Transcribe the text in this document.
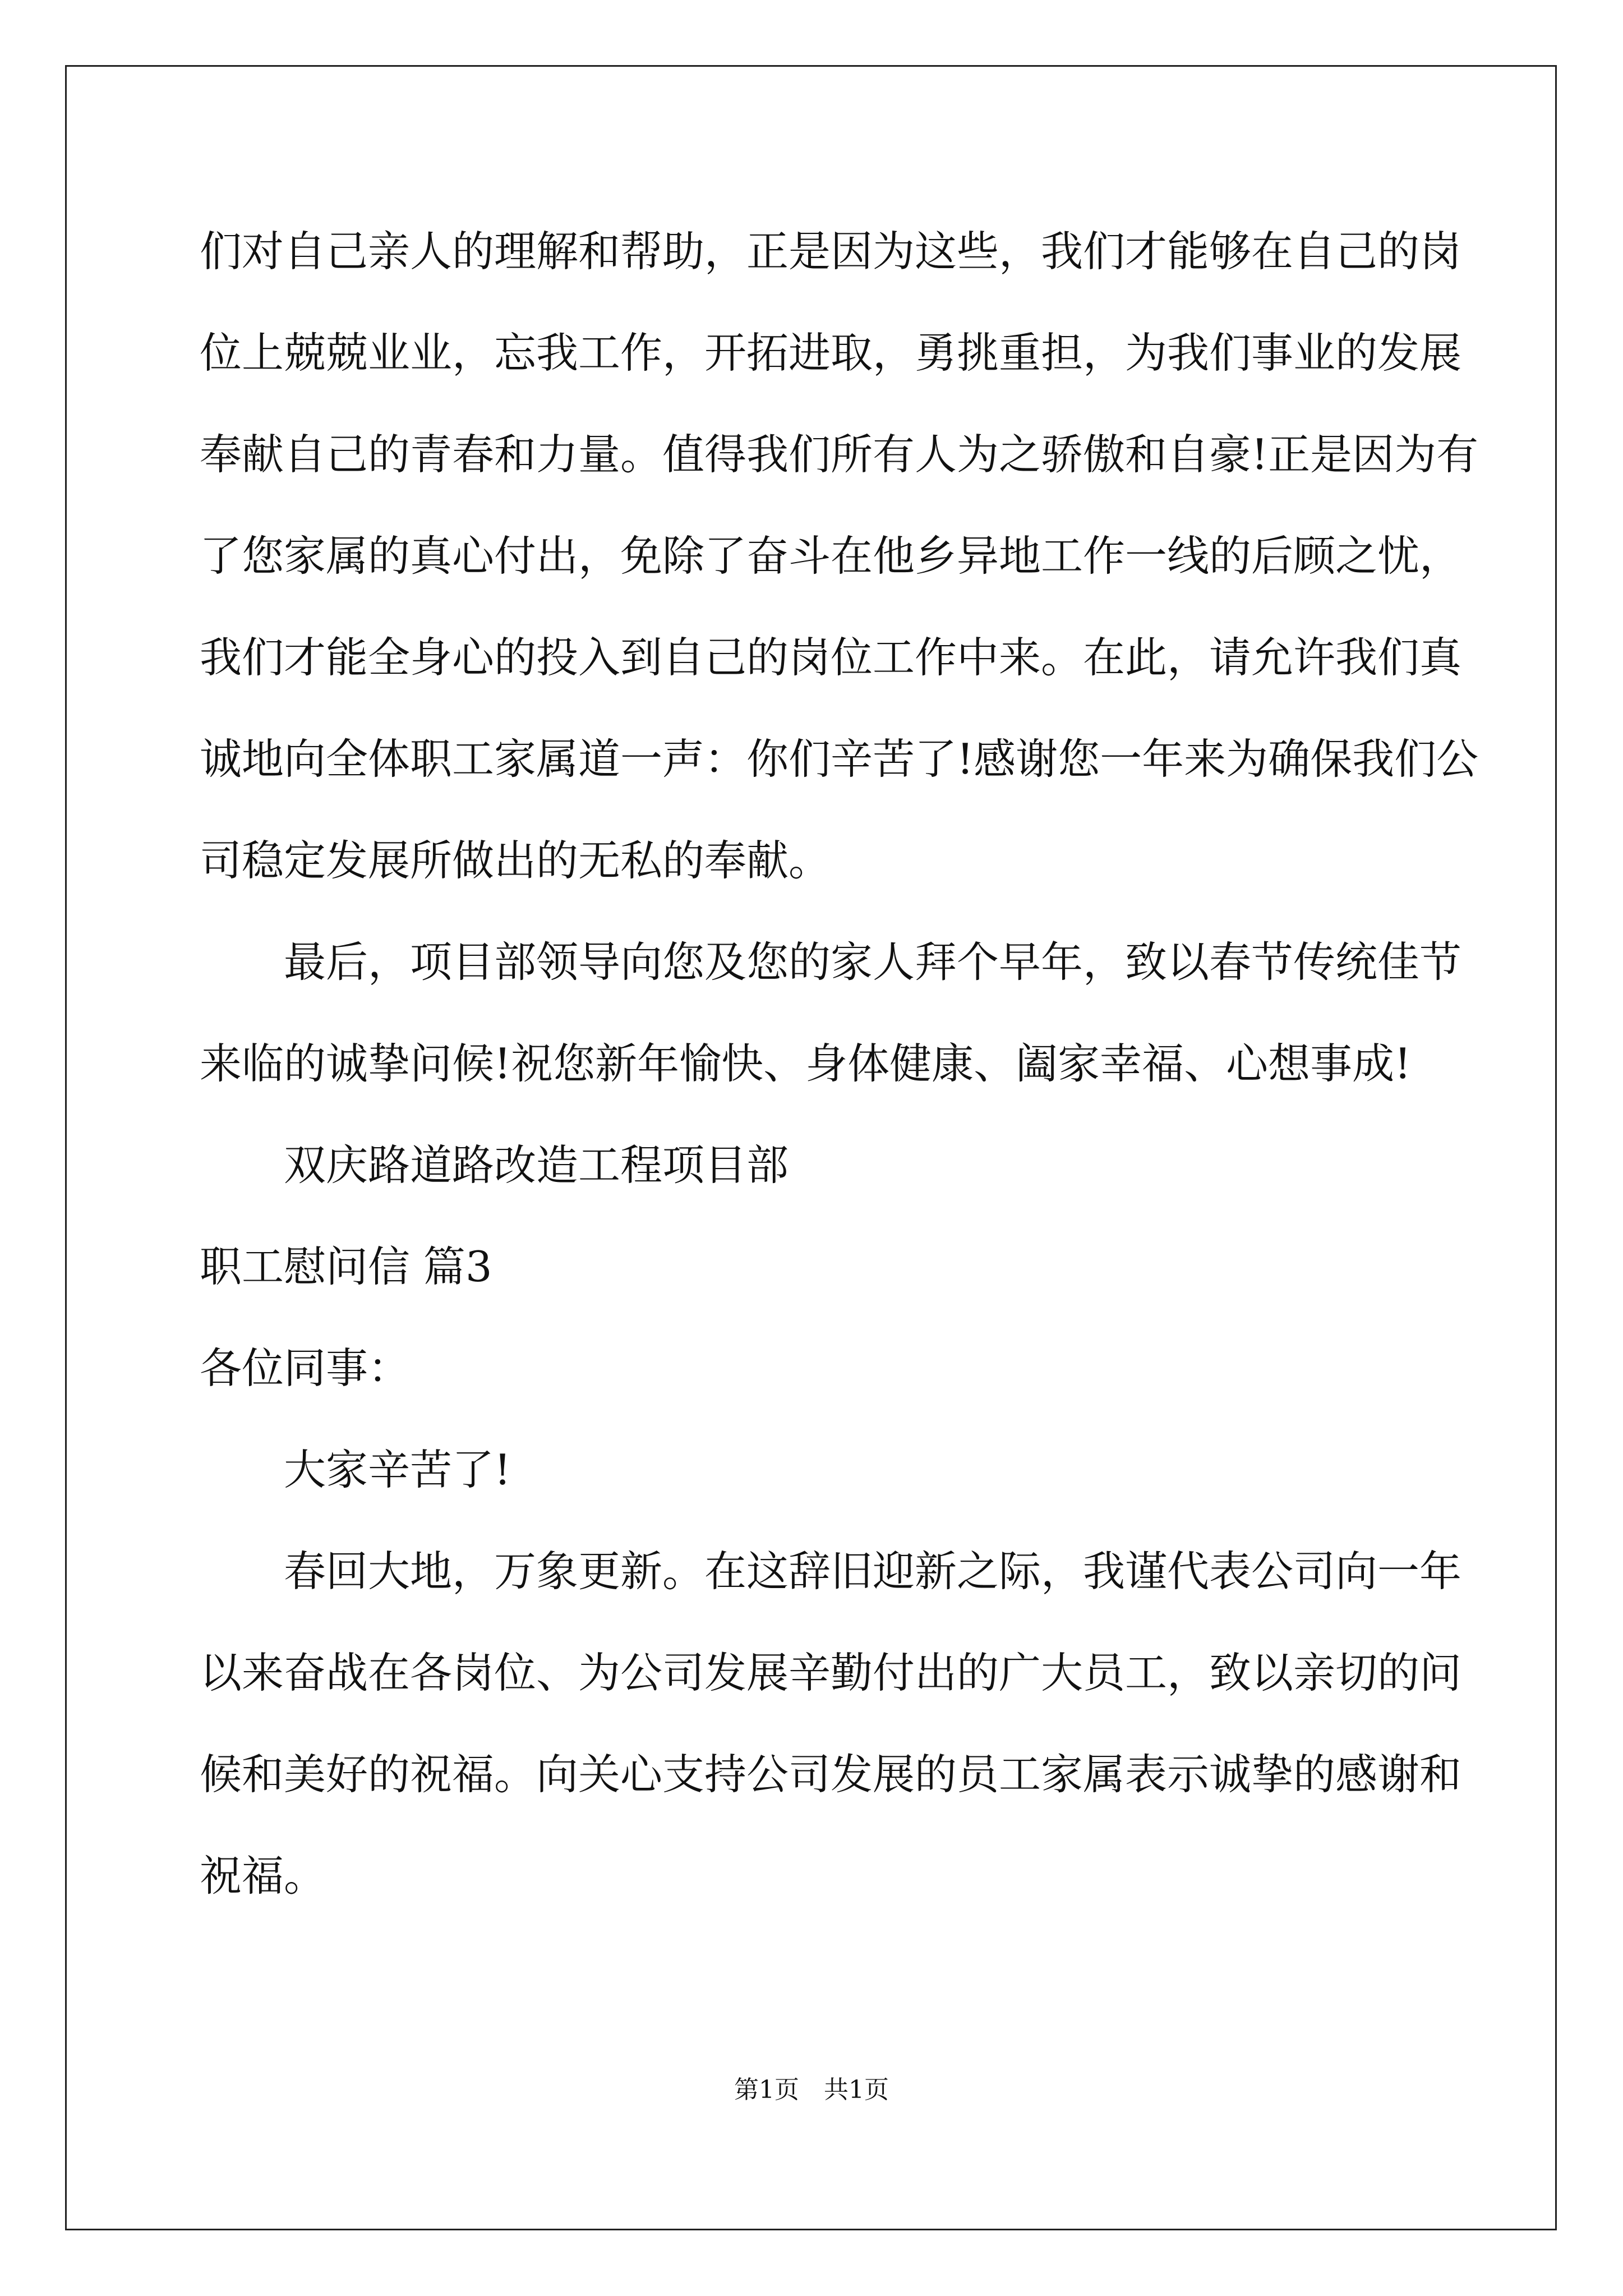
们对自己亲人的理解和帮助，正是因为这些，我们才能够在自己的岗
位上兢兢业业，忘我工作，开拓进取，勇挑重担，为我们事业的发展
奉献自己的青春和力量。值得我们所有人为之骄傲和自豪!正是因为有
了您家属的真心付出，免除了奋斗在他乡异地工作一线的后顾之忧，
我们才能全身心的投入到自己的岗位工作中来。在此，请允许我们真
诚地向全体职工家属道一声：你们辛苦了!感谢您一年来为确保我们公
司稳定发展所做出的无私的奉献。
最后，项目部领导向您及您的家人拜个早年，致以春节传统佳节
来临的诚挚问候!祝您新年愉快、身体健康、阖家幸福、心想事成!
双庆路道路改造工程项目部
职工慰问信 篇3
各位同事：
大家辛苦了!
春回大地，万象更新。在这辞旧迎新之际，我谨代表公司向一年
以来奋战在各岗位、为公司发展辛勤付出的广大员工，致以亲切的问
候和美好的祝福。向关心支持公司发展的员工家属表示诚挚的感谢和
祝福。
第1页 共1页
